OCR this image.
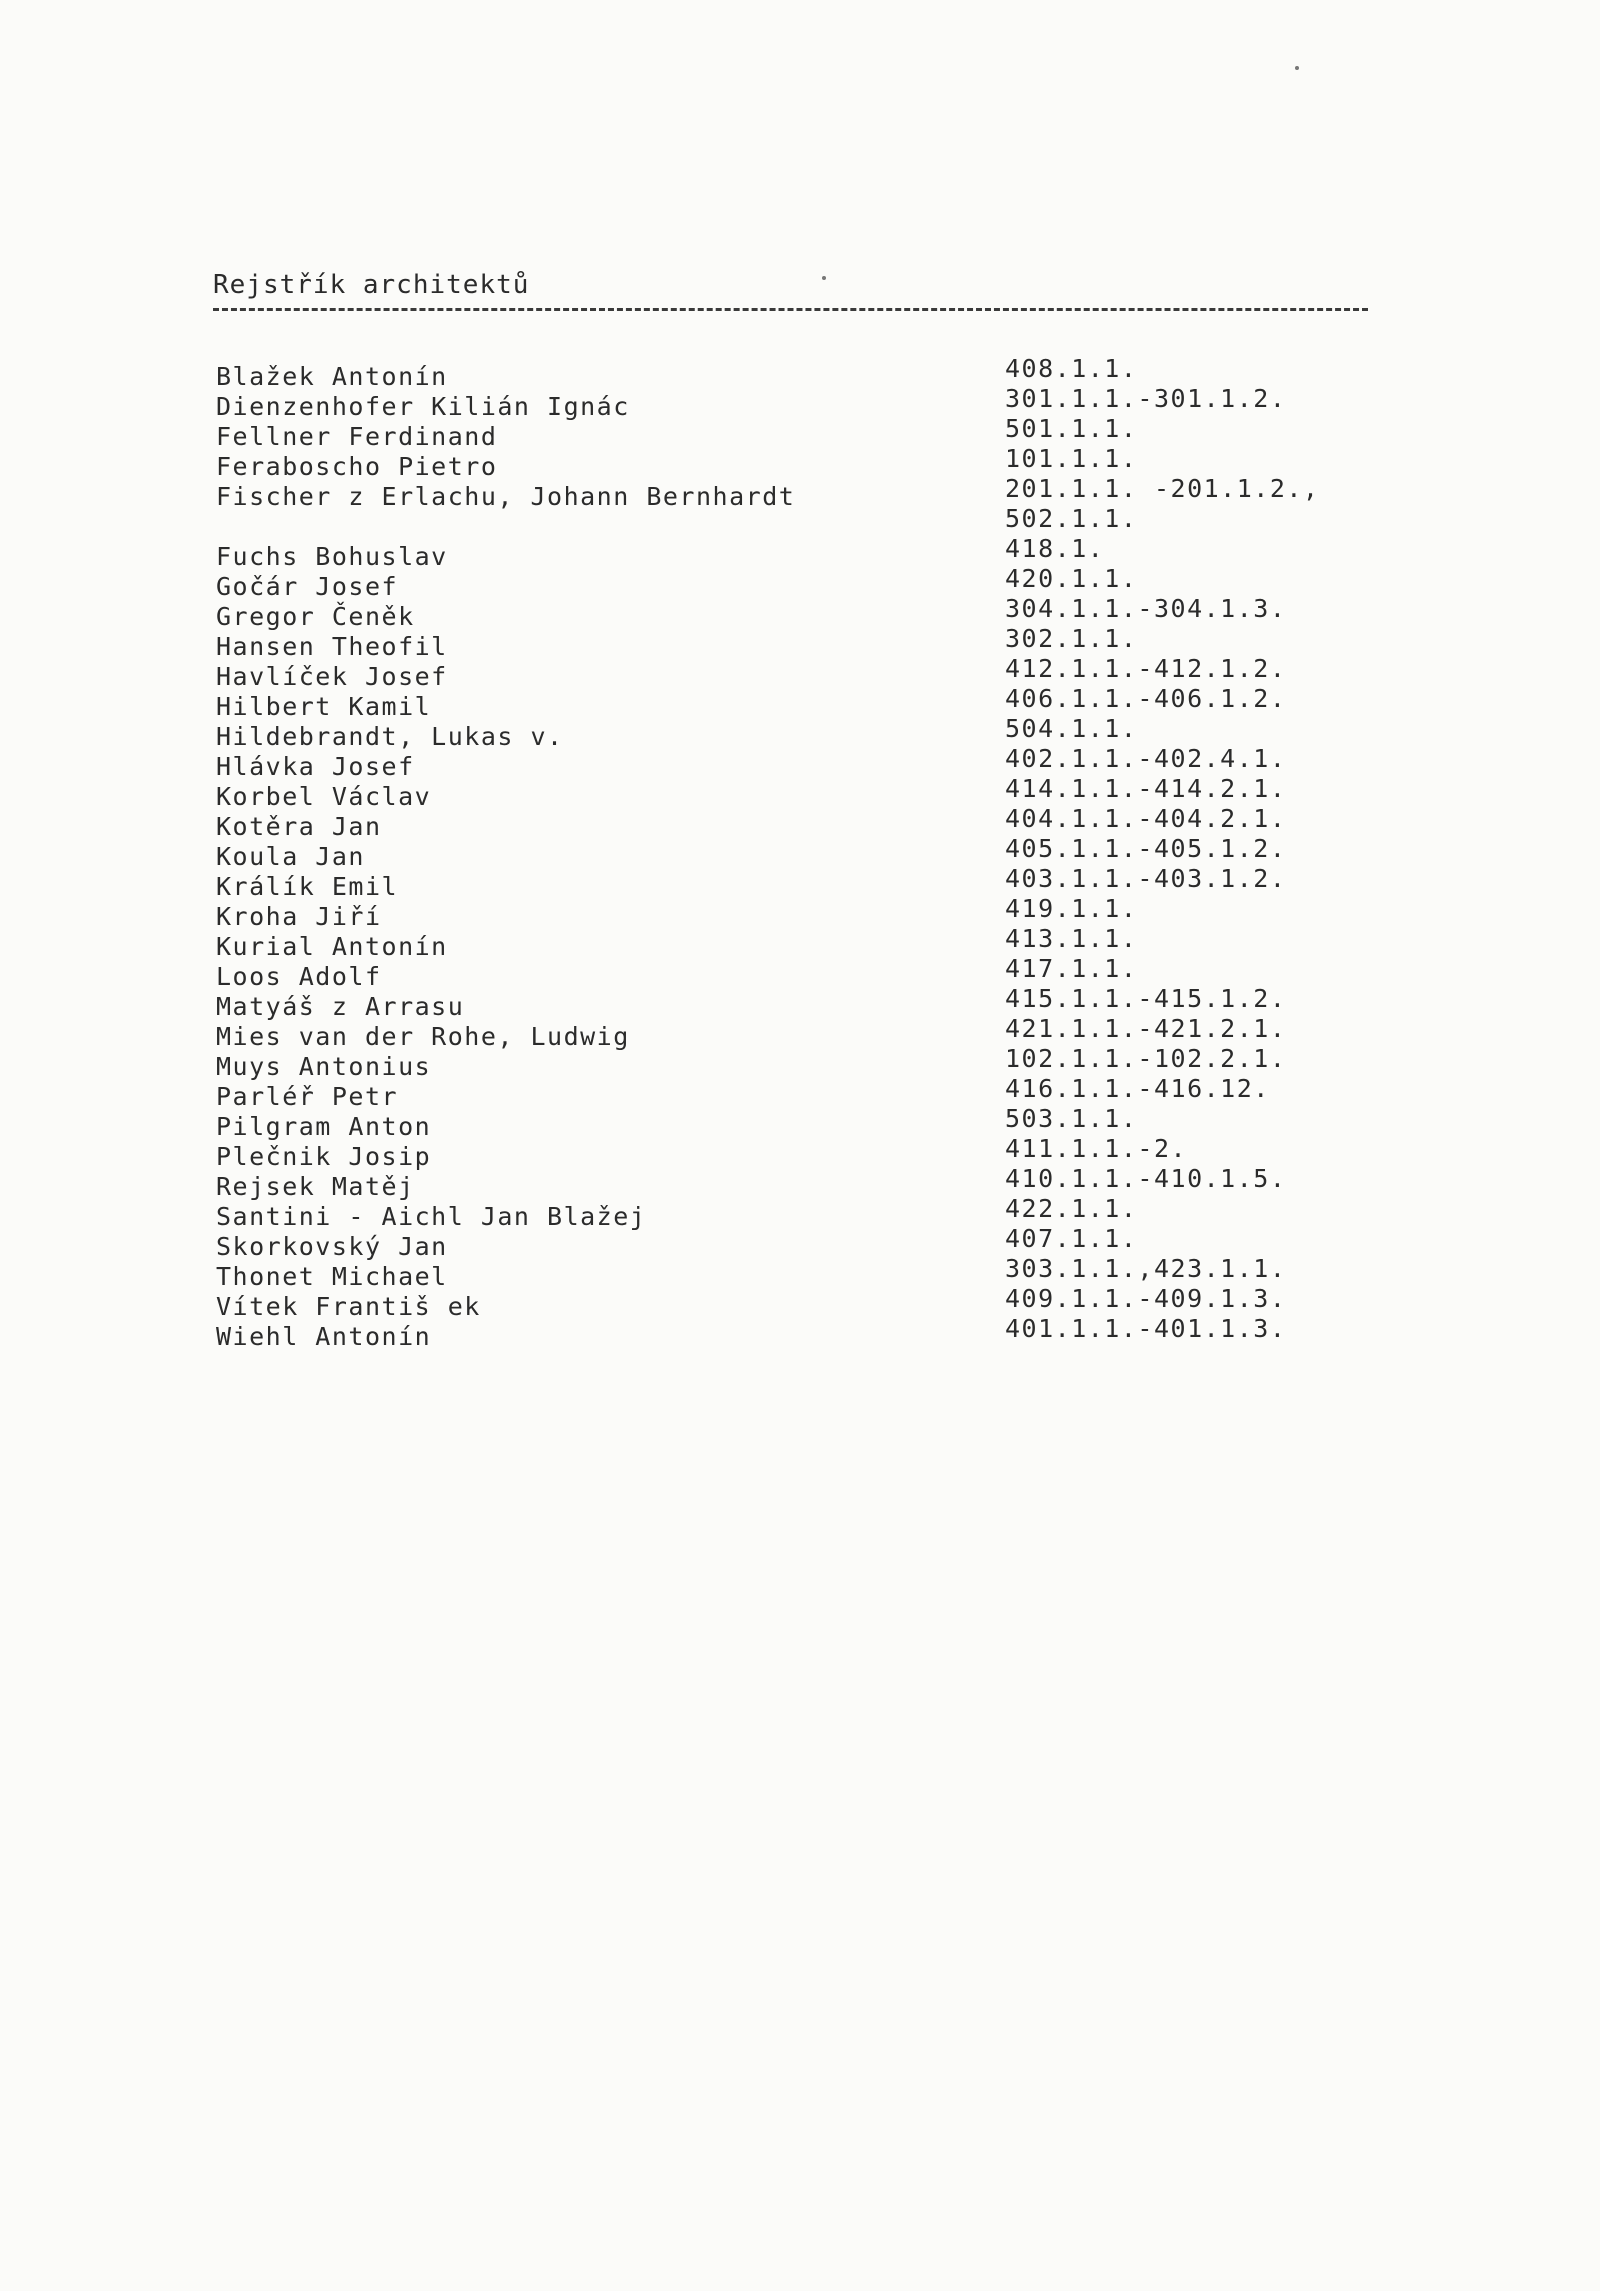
Rejstřík architektů
Blažek Antonín
Dienzenhofer Kilián Ignác
Fellner Ferdinand
Feraboscho Pietro
Fischer z Erlachu, Johann Bernhardt
Fuchs Bohuslav
Gočár Josef
Gregor Čeněk
Hansen Theofil
Havlíček Josef
Hilbert Kamil
Hildebrandt, Lukas v.
Hlávka Josef
Korbel Václav
Kotěra Jan
Koula Jan
Králík Emil
Kroha Jiří
Kurial Antonín
Loos Adolf
Matyáš z Arrasu
Mies van der Rohe, Ludwig
Muys Antonius
Parléř Petr
Pilgram Anton
Plečnik Josip
Rejsek Matěj
Santini - Aichl Jan Blažej
Skorkovský Jan
Thonet Michael
Vítek Františ ek
Wiehl Antonín
408.1.1.
301.1.1.-301.1.2.
501.1.1.
101.1.1.
201.1.1. -201.1.2.,
502.1.1.
418.1.
420.1.1.
304.1.1.-304.1.3.
302.1.1.
412.1.1.-412.1.2.
406.1.1.-406.1.2.
504.1.1.
402.1.1.-402.4.1.
414.1.1.-414.2.1.
404.1.1.-404.2.1.
405.1.1.-405.1.2.
403.1.1.-403.1.2.
419.1.1.
413.1.1.
417.1.1.
415.1.1.-415.1.2.
421.1.1.-421.2.1.
102.1.1.-102.2.1.
416.1.1.-416.12.
503.1.1.
411.1.1.-2.
410.1.1.-410.1.5.
422.1.1.
407.1.1.
303.1.1.,423.1.1.
409.1.1.-409.1.3.
401.1.1.-401.1.3.
